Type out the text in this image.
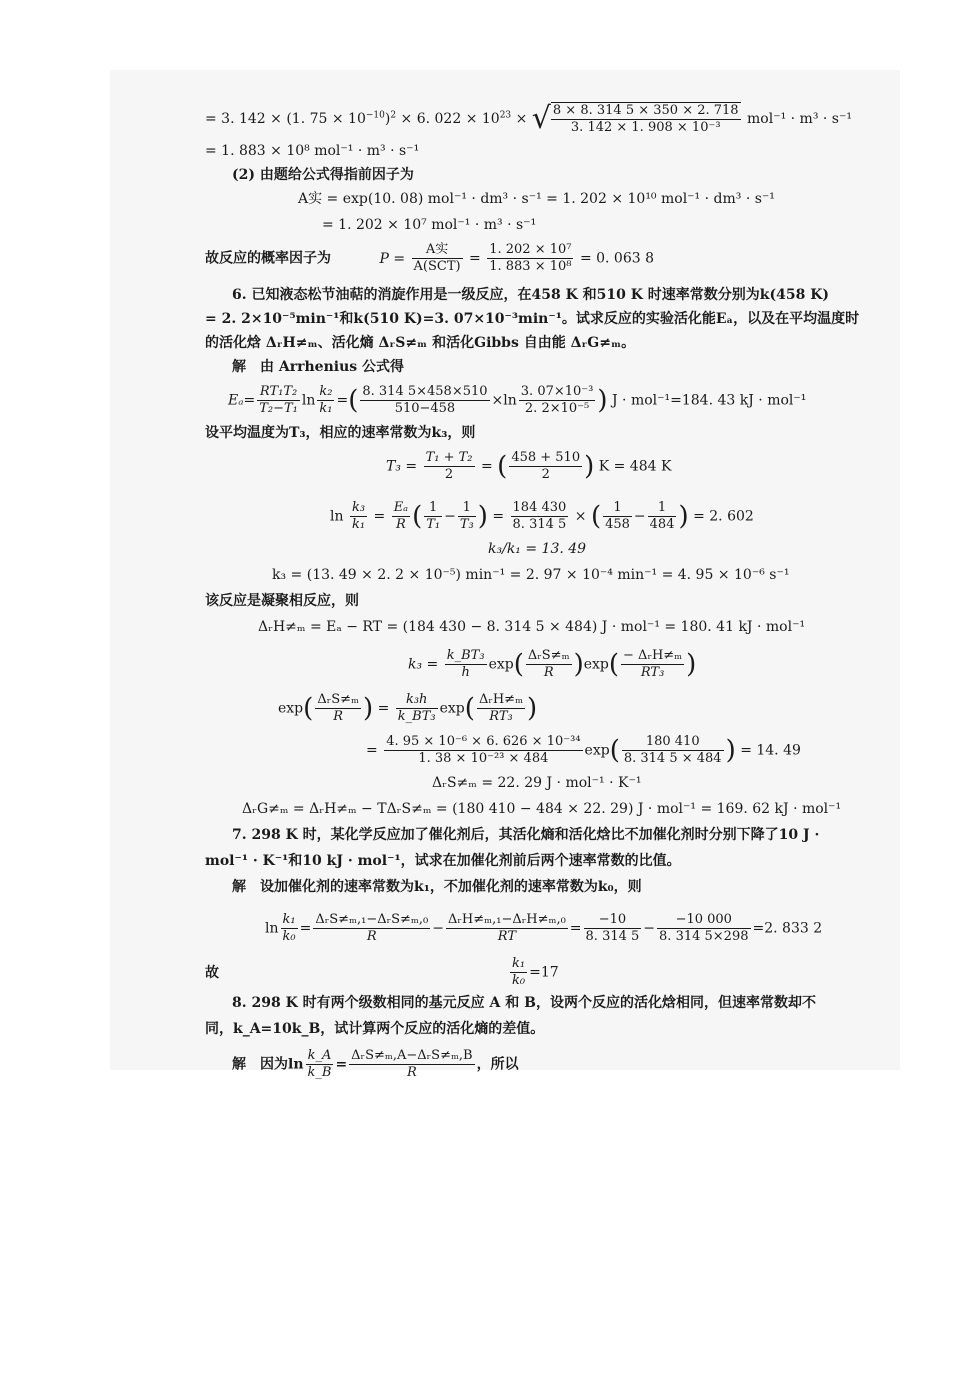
= 3. 142 × (1. $75 \times 10^{-10})^2 \times 6$. $022 \times 10^{23}$ × √ $\frac{8 \times 8. 314 5 \times 350 \times 2. 718}{\text{3. 142 × 1. 908 × 10⁻³}} mol^{-1} \cdot m^3 \cdot s^{-1}$
= 1. 883 × 10⁸ mol⁻¹ · m³ · s⁻¹
(2) 由题给公式得指前因子为
A实 = exp(10. 08) mol⁻¹ · dm³ · s⁻¹ = 1. 202 × 10¹⁰ mol⁻¹ · dm³ · s⁻¹
= 1. 202 × 10⁷ mol⁻¹ · m³ · s⁻¹
故反应的概率因子为	$P = \frac{\text{A实}}{\text{A(SCT)}} = \frac{\text{1. 202 × 10⁷}}{\text{1. 883 × 10⁸}} = 0$. 063 8
6. 已知液态松节油萜的消旋作用是一级反应，在458 K 和510 K 时速率常数分别为k(458 K)
= 2. 2×10⁻⁵min⁻¹和k(510 K)=3. 07×10⁻³min⁻¹。试求反应的实验活化能Eₐ，以及在平均温度时
的活化焓 ΔᵣH≠ₘ、活化熵 ΔᵣS≠ₘ 和活化Gibbs 自由能 ΔᵣG≠ₘ。
解　由 Arrhenius 公式得
$E_a= \frac{\text{RT₁T₂}}{\text{T₂−T₁}}$ $\ln \frac{\text{k₂}}{\text{k₁}}$ =( $\frac{8. 314 5\times 458\times 510}{510-458} \times\ln \frac{\text{3. 07×10⁻³}}{\text{2. 2×10⁻⁵}}$ ) J · mol⁻¹=184. 43 kJ · mol⁻¹
设平均温度为T₃，相应的速率常数为k₃，则
$T_3 = \frac{\text{T₁ + T₂}}{2}$ = ( $\frac{458 + 510}{2}$ ) K = 484 K
$\ln \frac{\text{k₃}}{\text{k₁}} = \frac{\text{Eₐ}}{R}$ ( $\frac{1}{\text{T₁}} - \frac{1}{\text{T₃}}$ ) = $\frac{184 430}{8. 314 5}$ × ( $\frac{1}{458} - \frac{1}{484}$ ) = 2. 602
k₃/k₁ = 13. 49
k₃ = (13. 49 × 2. 2 × 10⁻⁵) min⁻¹ = 2. 97 × 10⁻⁴ min⁻¹ = 4. 95 × 10⁻⁶ s⁻¹
该反应是凝聚相反应，则
ΔᵣH≠ₘ = Eₐ − RT = (184 430 − 8. 314 5 × 484) J · mol⁻¹ = 180. 41 kJ · mol⁻¹
$k_3 = \frac{\text{k\_BT₃}}{h} \exp( \frac{\text{ΔᵣS≠ₘ}}{R} )\exp( \frac{\text{− ΔᵣH≠ₘ}}{\text{RT₃}}$ )
$\exp( \frac{\text{ΔᵣS≠ₘ}}{R}$ ) = $\frac{\text{k₃h}}{\text{k\_BT₃}} \exp( \frac{\text{ΔᵣH≠ₘ}}{\text{RT₃}}$ )
= $\frac{\text{4. 95 × 10⁻⁶ × 6. 626 × 10⁻³⁴}}{\text{1. 38 × 10⁻²³ × 484}} \exp( \frac{180 410}{8. 314 5 \times 484}$ ) = 14. 49
ΔᵣS≠ₘ = 22. 29 J · mol⁻¹ · K⁻¹
ΔᵣG≠ₘ = ΔᵣH≠ₘ − TΔᵣS≠ₘ = (180 410 − 484 × 22. 29) J · mol⁻¹ = 169. 62 kJ · mol⁻¹
7. 298 K 时，某化学反应加了催化剂后，其活化熵和活化焓比不加催化剂时分别下降了10 J ·
mol⁻¹ · K⁻¹和10 kJ · mol⁻¹，试求在加催化剂前后两个速率常数的比值。
解　设加催化剂的速率常数为k₁，不加催化剂的速率常数为k₀，则
$\ln \frac{\text{k₁}}{\text{k₀}} = \frac{\text{ΔᵣS≠ₘ,₁−ΔᵣS≠ₘ,₀}}{R} - \frac{\text{ΔᵣH≠ₘ,₁−ΔᵣH≠ₘ,₀}}{RT} = \frac{-10}{8. 314 5} - \frac{-10 000}{8. 314 5\times 298} =2$. 833 2
故	$\frac{\text{k₁}}{\text{k₀}} =17$
8. 298 K 时有两个级数相同的基元反应 A 和 B，设两个反应的活化焓相同，但速率常数却不
同，k_A=10k_B，试计算两个反应的活化熵的差值。
解　因为$\ln \frac{k\_A}{k\_B} = \frac{\text{ΔᵣS≠ₘ,A−ΔᵣS≠ₘ,B}}{R}$ ，所以
